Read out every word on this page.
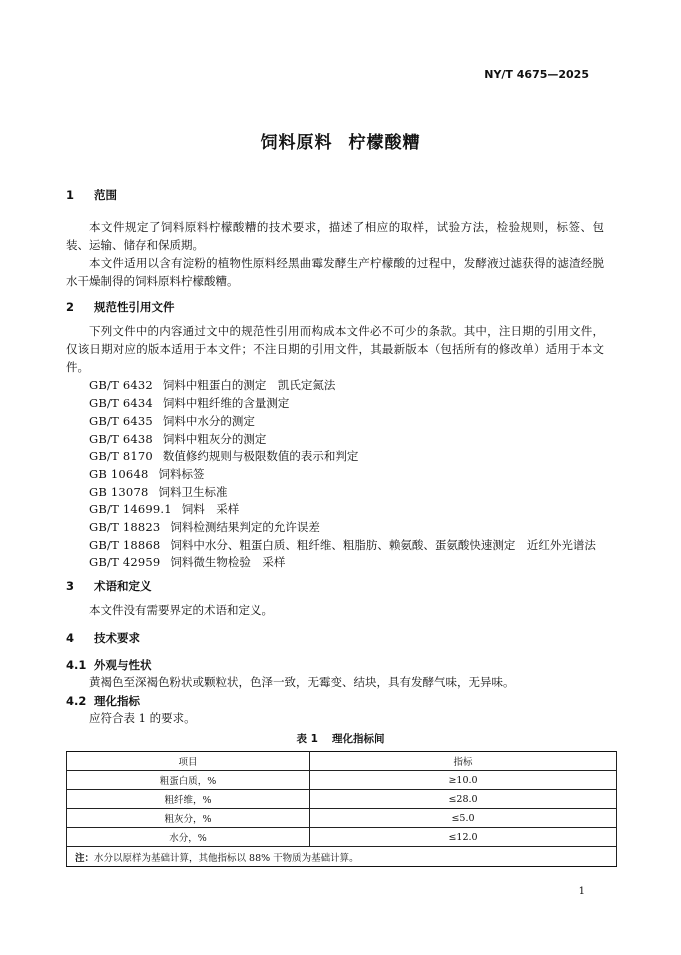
NY/T 4675—2025
饲料原料 柠檬酸糟
1 范围
本文件规定了饲料原料柠檬酸糟的技术要求，描述了相应的取样，试验方法，检验规则，标签、包装、运输、储存和保质期。
本文件适用以含有淀粉的植物性原料经黑曲霉发酵生产柠檬酸的过程中，发酵液过滤获得的滤渣经脱水干燥制得的饲料原料柠檬酸糟。
2 规范性引用文件
下列文件中的内容通过文中的规范性引用而构成本文件必不可少的条款。其中，注日期的引用文件，仅该日期对应的版本适用于本文件；不注日期的引用文件，其最新版本（包括所有的修改单）适用于本文件。
GB/T 6432 饲料中粗蛋白的测定　凯氏定氮法
GB/T 6434 饲料中粗纤维的含量测定
GB/T 6435 饲料中水分的测定
GB/T 6438 饲料中粗灰分的测定
GB/T 8170 数值修约规则与极限数值的表示和判定
GB 10648 饲料标签
GB 13078 饲料卫生标准
GB/T 14699.1 饲料　采样
GB/T 18823 饲料检测结果判定的允许误差
GB/T 18868 饲料中水分、粗蛋白质、粗纤维、粗脂肪、赖氨酸、蛋氨酸快速测定　近红外光谱法
GB/T 42959 饲料微生物检验　采样
3 术语和定义
本文件没有需要界定的术语和定义。
4 技术要求
4.1 外观与性状
黄褐色至深褐色粉状或颗粒状，色泽一致，无霉变、结块，具有发酵气味，无异味。
4.2 理化指标
应符合表 1 的要求。
表 1 理化指标间
项目	指标
粗蛋白质，%	≥10.0
粗纤维，%	≤28.0
粗灰分，%	≤5.0
水分，%	≤12.0
注：水分以原样为基础计算，其他指标以 88% 干物质为基础计算。	
1
